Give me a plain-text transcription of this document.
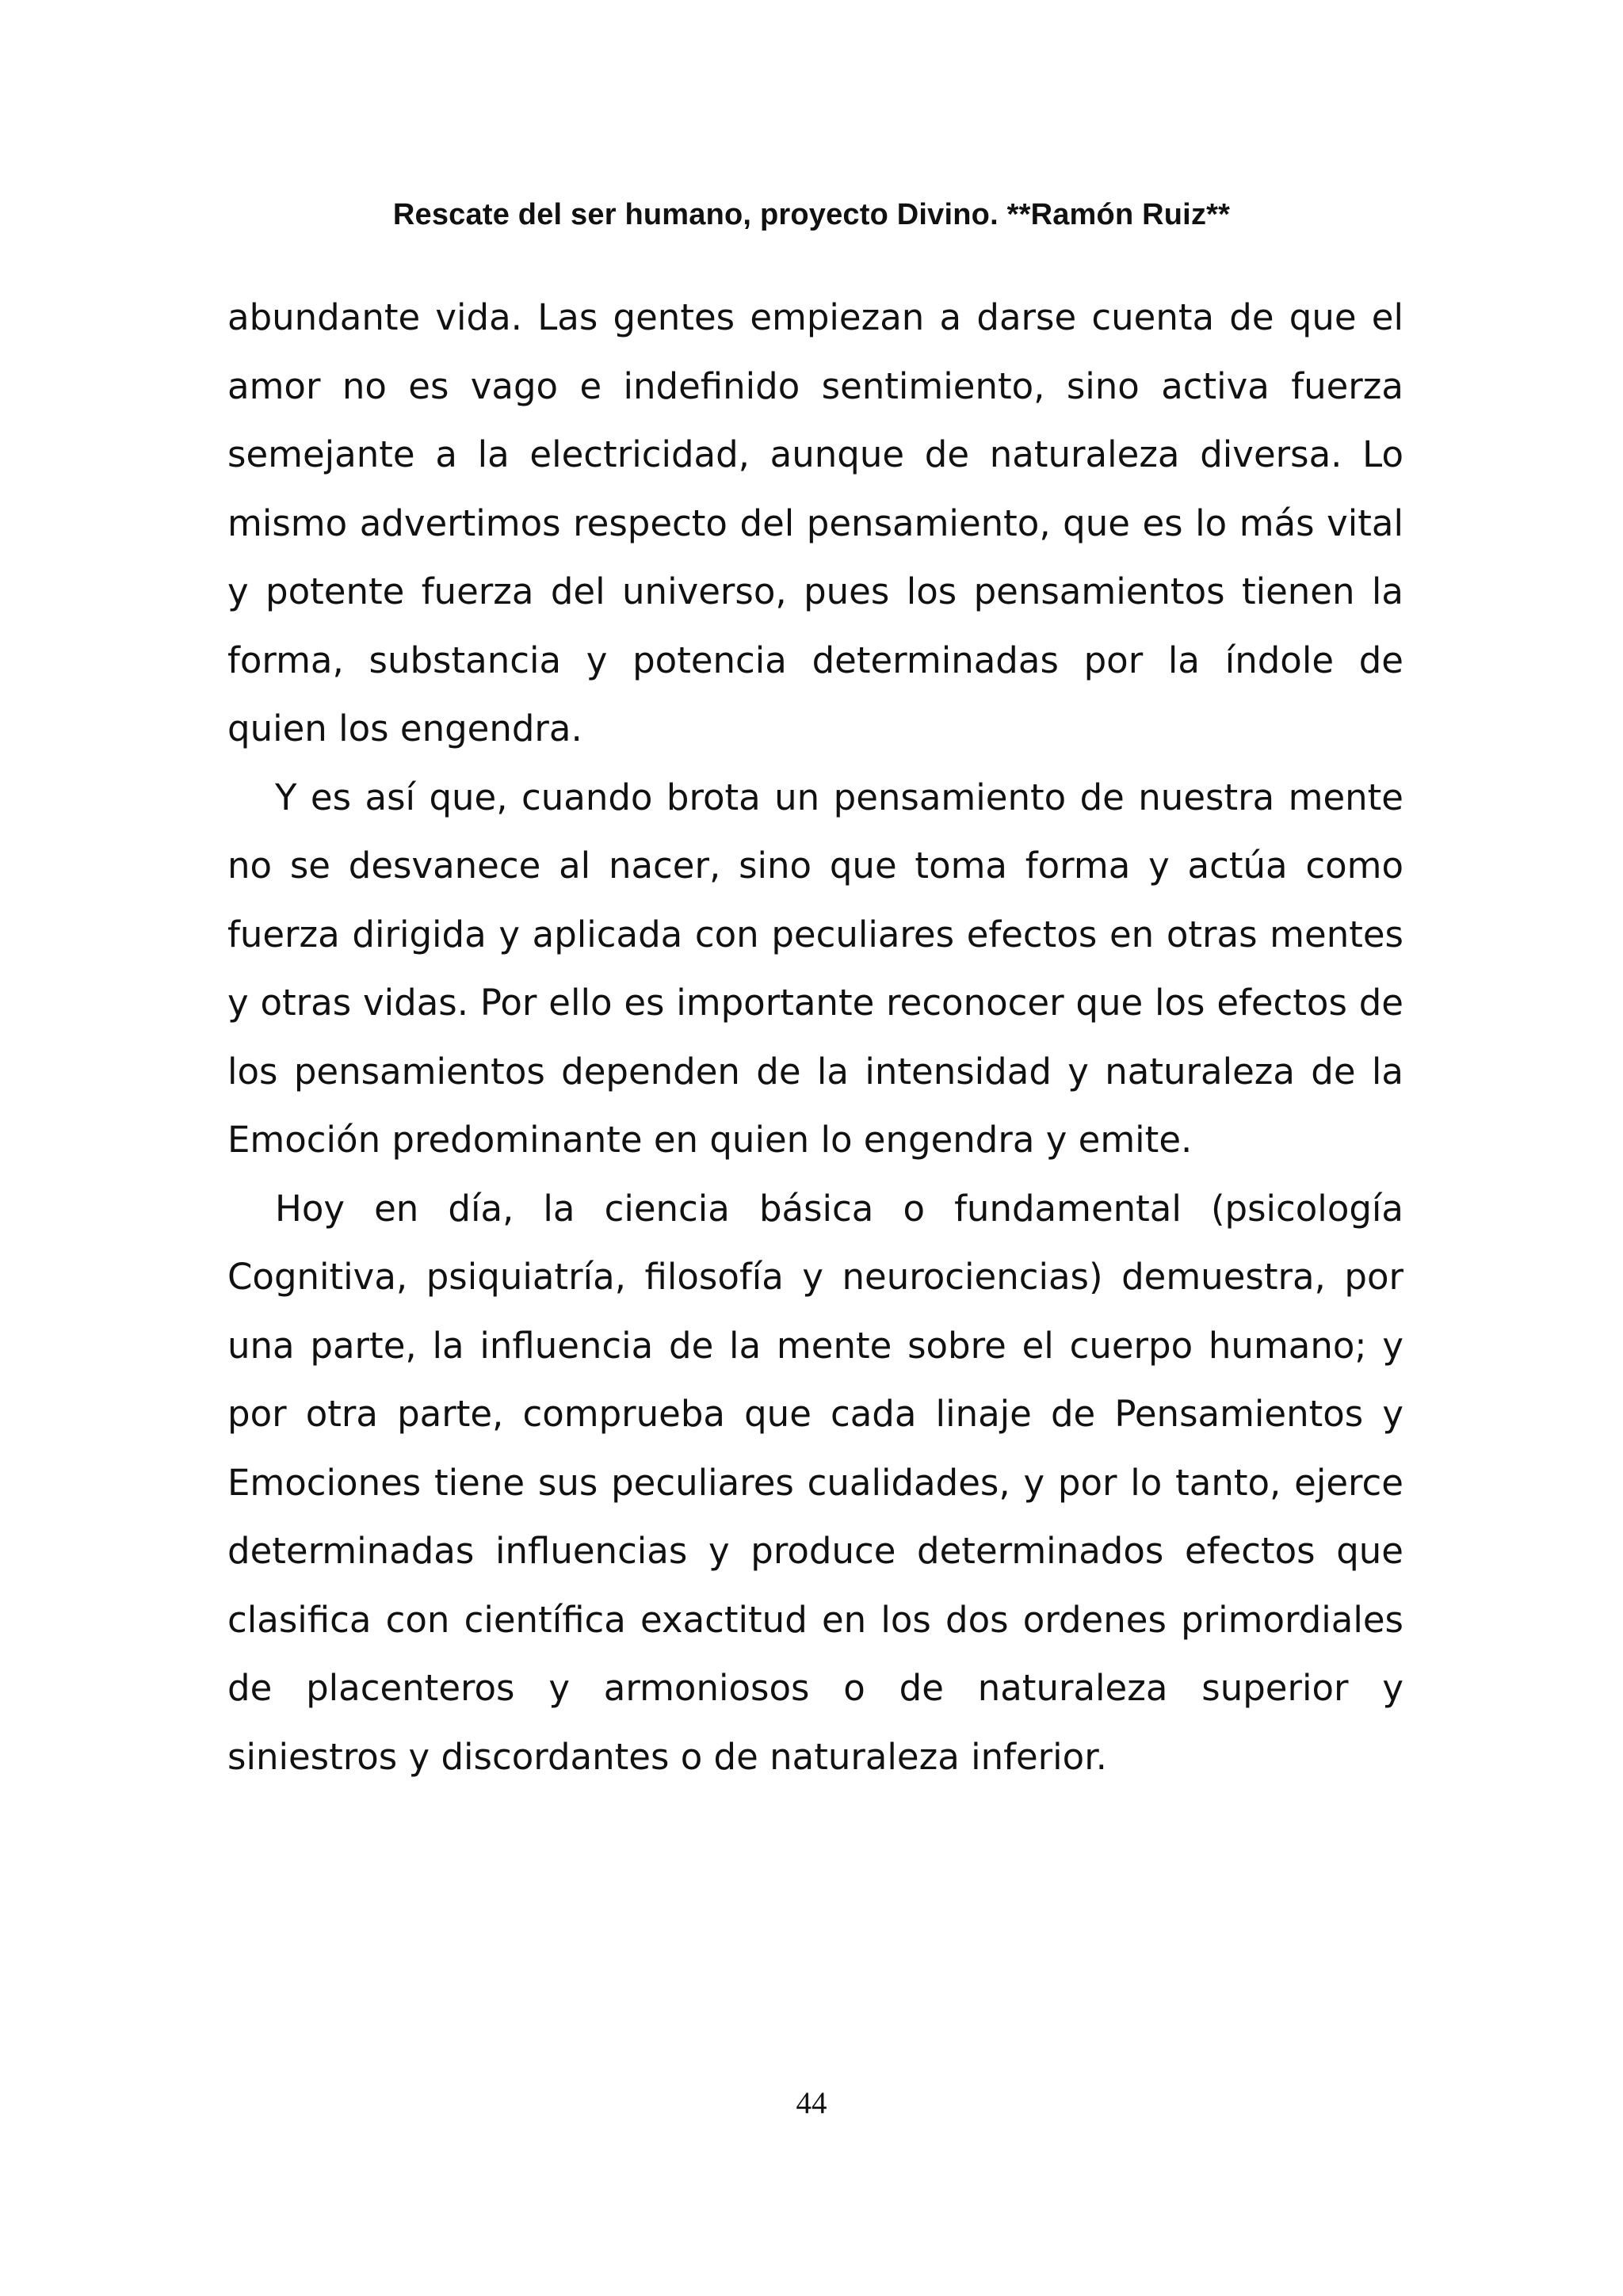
Rescate del ser humano, proyecto Divino. **Ramón Ruiz**

abundante vida. Las gentes empiezan a darse cuenta de que el amor no es vago e indefinido sentimiento, sino activa fuerza semejante a la electricidad, aunque de naturaleza diversa. Lo mismo advertimos respecto del pensamiento, que es lo más vital y potente fuerza del universo, pues los pensamientos tienen la forma, substancia y potencia determinadas por la índole de quien los engendra.

Y es así que, cuando brota un pensamiento de nuestra mente no se desvanece al nacer, sino que toma forma y actúa como fuerza dirigida y aplicada con peculiares efectos en otras mentes y otras vidas. Por ello es importante reconocer que los efectos de los pensamientos dependen de la intensidad y naturaleza de la Emoción predominante en quien lo engendra y emite.

Hoy en día, la ciencia básica o fundamental (psicología Cognitiva, psiquiatría, filosofía y neurociencias) demuestra, por una parte, la influencia de la mente sobre el cuerpo humano; y por otra parte, comprueba que cada linaje de Pensamientos y Emociones tiene sus peculiares cualidades, y por lo tanto, ejerce determinadas influencias y produce determinados efectos que clasifica con científica exactitud en los dos ordenes primordiales de placenteros y armoniosos o de naturaleza superior y siniestros y discordantes o de naturaleza inferior.

44
